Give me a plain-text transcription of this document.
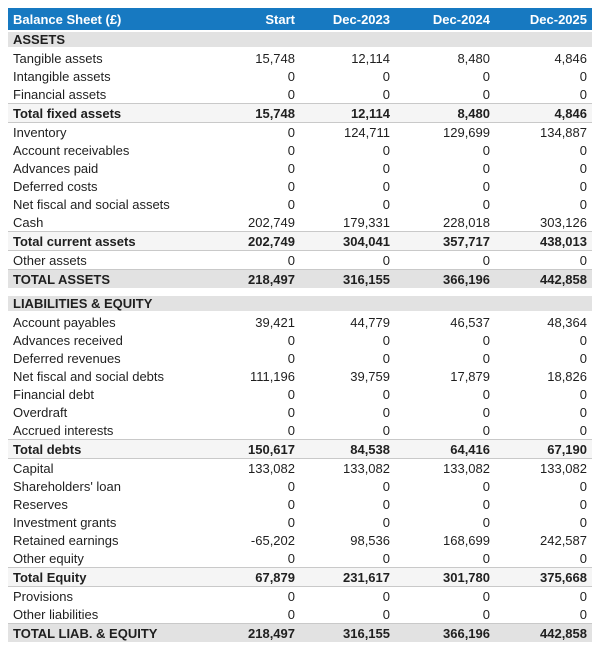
Balance Sheet (£)	Start	Dec-2023	Dec-2024	Dec-2025
ASSETS				
Tangible assets	15,748	12,114	8,480	4,846
Intangible assets	0	0	0	0
Financial assets	0	0	0	0
Total fixed assets	15,748	12,114	8,480	4,846
Inventory	0	124,711	129,699	134,887
Account receivables	0	0	0	0
Advances paid	0	0	0	0
Deferred costs	0	0	0	0
Net fiscal and social assets	0	0	0	0
Cash	202,749	179,331	228,018	303,126
Total current assets	202,749	304,041	357,717	438,013
Other assets	0	0	0	0
TOTAL ASSETS	218,497	316,155	366,196	442,858

LIABILITIES & EQUITY				
Account payables	39,421	44,779	46,537	48,364
Advances received	0	0	0	0
Deferred revenues	0	0	0	0
Net fiscal and social debts	111,196	39,759	17,879	18,826
Financial debt	0	0	0	0
Overdraft	0	0	0	0
Accrued interests	0	0	0	0
Total debts	150,617	84,538	64,416	67,190
Capital	133,082	133,082	133,082	133,082
Shareholders' loan	0	0	0	0
Reserves	0	0	0	0
Investment grants	0	0	0	0
Retained earnings	-65,202	98,536	168,699	242,587
Other equity	0	0	0	0
Total Equity	67,879	231,617	301,780	375,668
Provisions	0	0	0	0
Other liabilities	0	0	0	0
TOTAL LIAB. & EQUITY	218,497	316,155	366,196	442,858
